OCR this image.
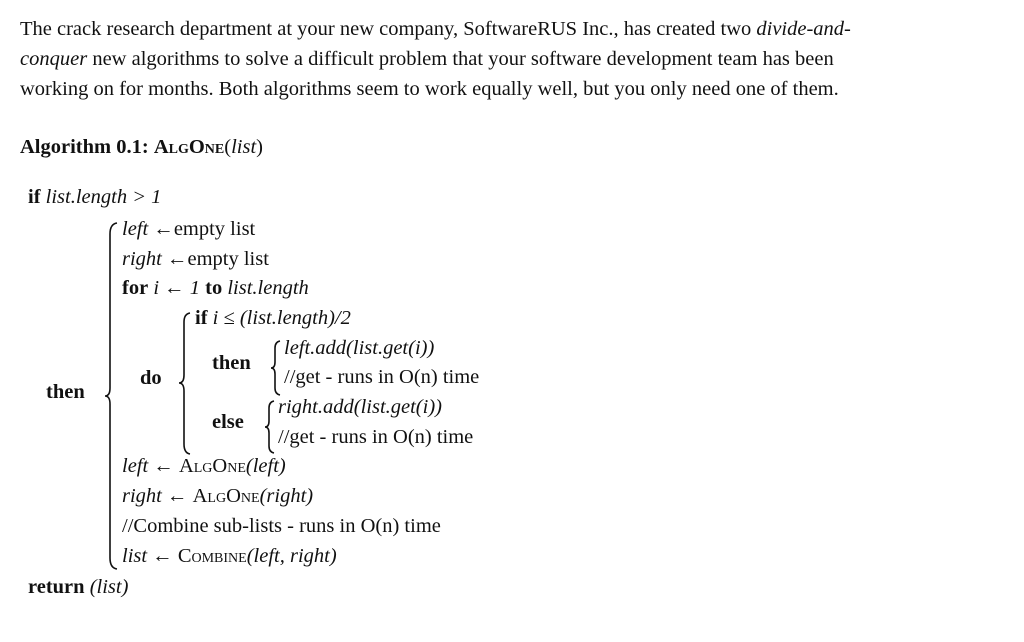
The crack research department at your new company, SoftwareRUS Inc., has created two divide-and-
conquer new algorithms to solve a difficult problem that your software development team has been
working on for months. Both algorithms seem to work equally well, but you only need one of them.
Algorithm 0.1: AlgOne(list)
if list.length > 1
then
left ←empty list
right ←empty list
for i ← 1 to list.length
do
if i ≤ (list.length)/2
then
left.add(list.get(i))
//get - runs in O(n) time
else
right.add(list.get(i))
//get - runs in O(n) time
left ← AlgOne(left)
right ← AlgOne(right)
//Combine sub-lists - runs in O(n) time
list ← Combine(left, right)
return (list)
